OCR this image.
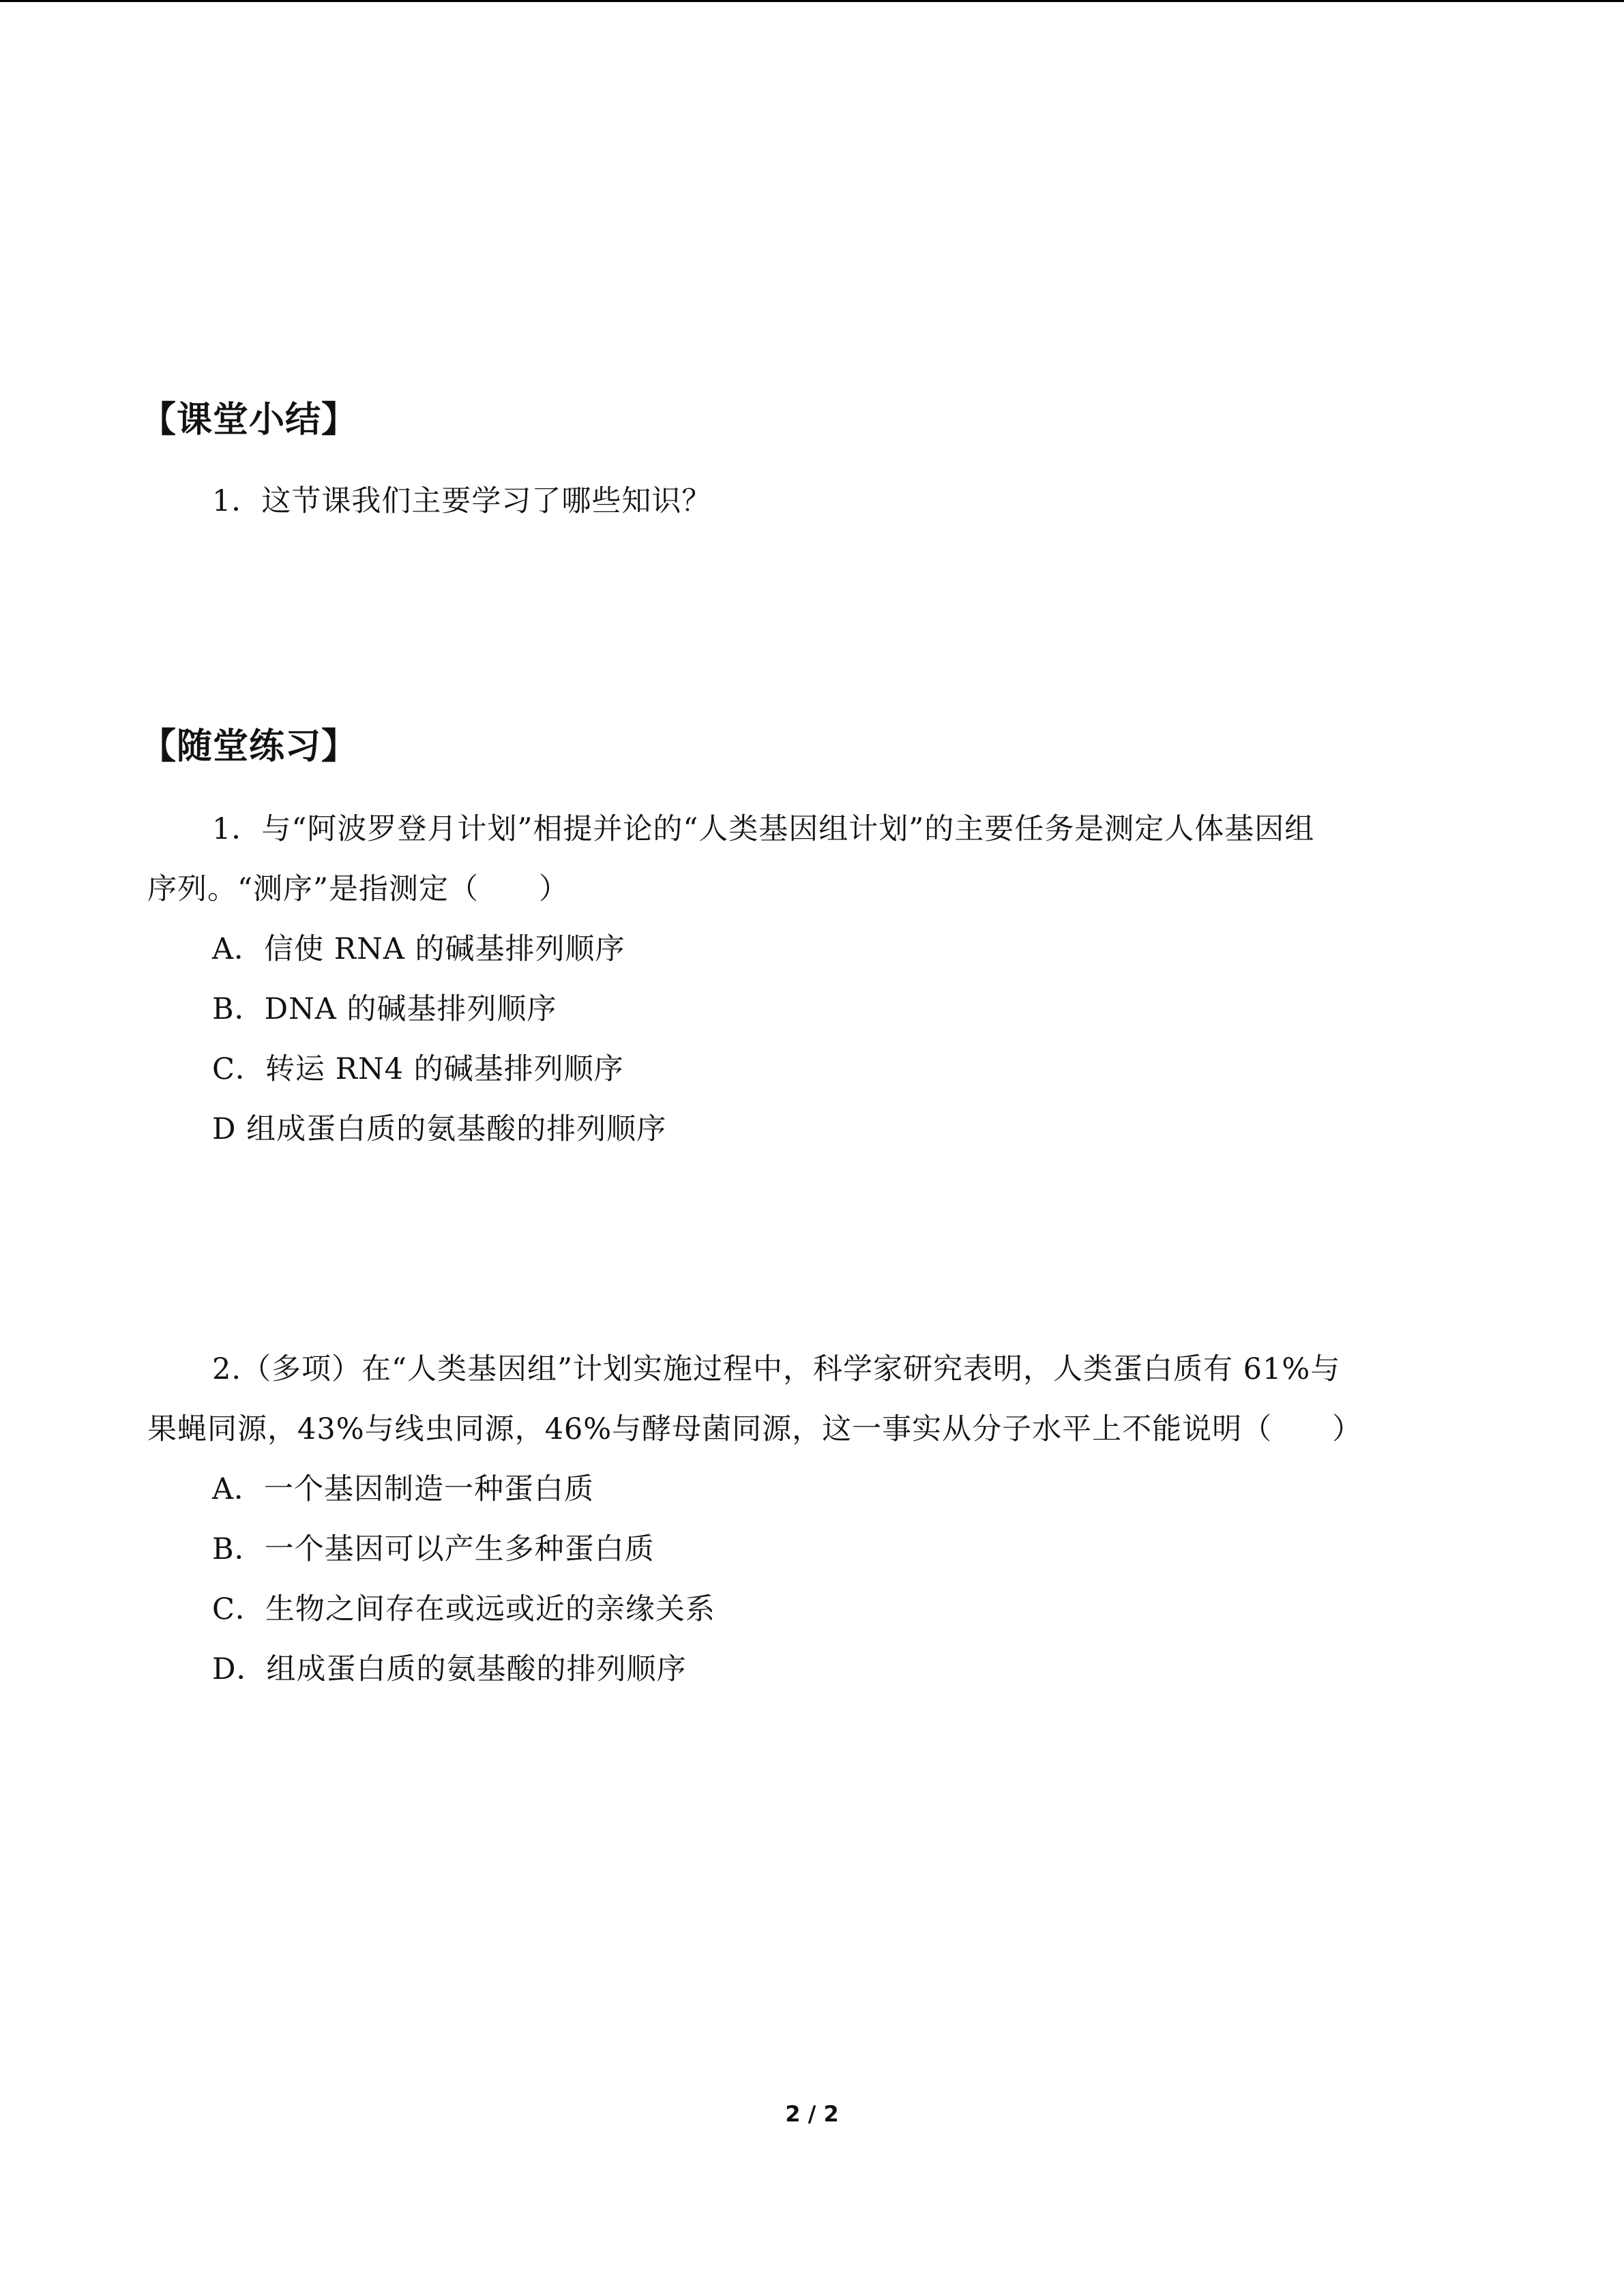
【课堂小结】
1．这节课我们主要学习了哪些知识？
【随堂练习】
1．与“阿波罗登月计划”相提并论的“人类基因组计划”的主要任务是测定人体基因组
序列。“测序”是指测定（　　）
A．信使 RNA 的碱基排列顺序
B．DNA 的碱基排列顺序
C．转运 RN4 的碱基排列顺序
D 组成蛋白质的氨基酸的排列顺序
2.（多项）在“人类基因组”计划实施过程中，科学家研究表明，人类蛋白质有 61%与
果蝇同源，43%与线虫同源，46%与酵母菌同源，这一事实从分子水平上不能说明（　　）
A．一个基因制造一种蛋白质
B．一个基因可以产生多种蛋白质
C．生物之间存在或远或近的亲缘关系
D．组成蛋白质的氨基酸的排列顺序
2 / 2
